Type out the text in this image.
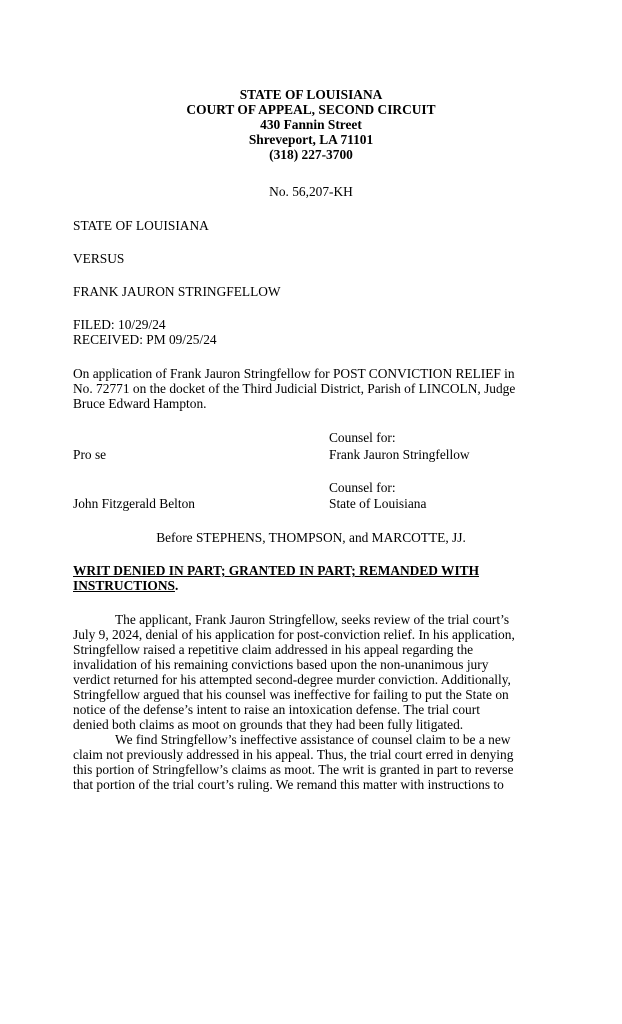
STATE OF LOUISIANA
COURT OF APPEAL, SECOND CIRCUIT
430 Fannin Street
Shreveport, LA 71101
(318) 227-3700
No. 56,207-KH
STATE OF LOUISIANA
VERSUS
FRANK JAURON STRINGFELLOW
FILED: 10/29/24
RECEIVED: PM 09/25/24
On application of Frank Jauron Stringfellow for POST CONVICTION RELIEF in
No. 72771 on the docket of the Third Judicial District, Parish of LINCOLN, Judge
Bruce Edward Hampton.
Counsel for:
Pro se	Frank Jauron Stringfellow
Counsel for:
John Fitzgerald Belton	State of Louisiana
Before STEPHENS, THOMPSON, and MARCOTTE, JJ.
WRIT DENIED IN PART; GRANTED IN PART; REMANDED WITH
INSTRUCTIONS.
The applicant, Frank Jauron Stringfellow, seeks review of the trial court’s
July 9, 2024, denial of his application for post-conviction relief. In his application,
Stringfellow raised a repetitive claim addressed in his appeal regarding the
invalidation of his remaining convictions based upon the non-unanimous jury
verdict returned for his attempted second-degree murder conviction. Additionally,
Stringfellow argued that his counsel was ineffective for failing to put the State on
notice of the defense’s intent to raise an intoxication defense. The trial court
denied both claims as moot on grounds that they had been fully litigated.
We find Stringfellow’s ineffective assistance of counsel claim to be a new
claim not previously addressed in his appeal. Thus, the trial court erred in denying
this portion of Stringfellow’s claims as moot. The writ is granted in part to reverse
that portion of the trial court’s ruling. We remand this matter with instructions to
